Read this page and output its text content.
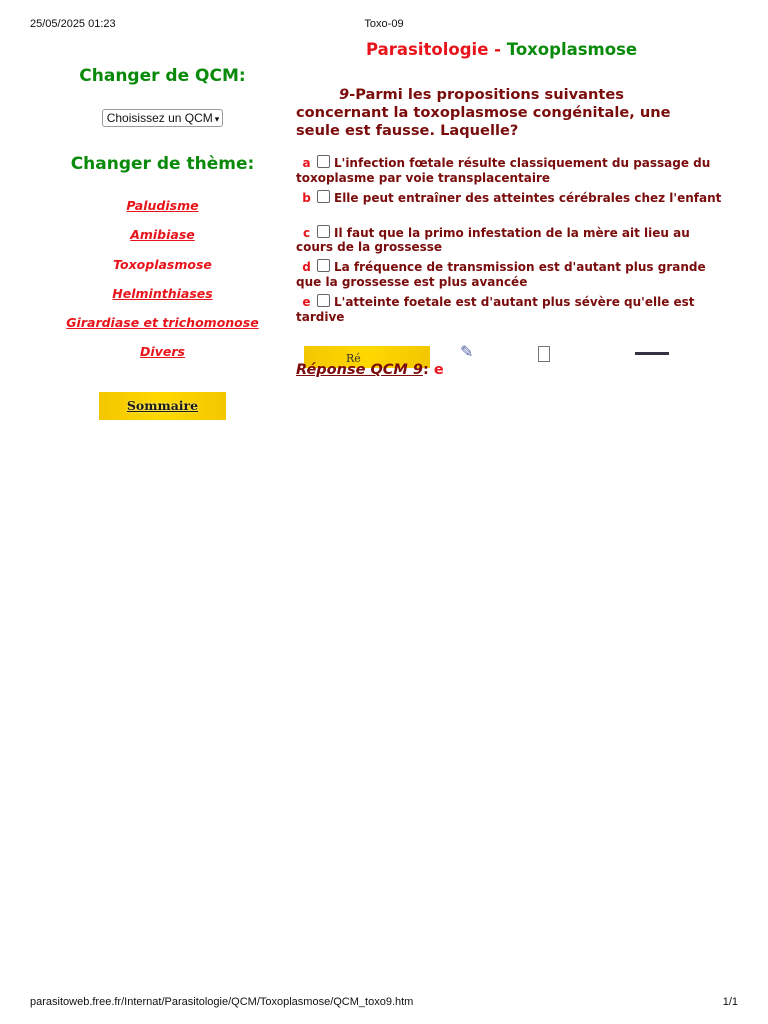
25/05/2025 01:23	Toxo-09
Changer de QCM:
Choisissez un QCM ▾
Changer de thème:
Paludisme
Amibiase
Toxoplasmose
Helminthiases
Girardiase et trichomonose
Divers
Sommaire
Parasitologie - Toxoplasmose
9-Parmi les propositions suivantes
concernant la toxoplasmose congénitale, une
seule est fausse. Laquelle?
a L'infection fœtale résulte classiquement du passage du toxoplasme par voie transplacentaire
b Elle peut entraîner des atteintes cérébrales chez l'enfant
c Il faut que la primo infestation de la mère ait lieu au cours de la grossesse
d La fréquence de transmission est d'autant plus grande que la grossesse est plus avancée
e L'atteinte foetale est d'autant plus sévère qu'elle est tardive
Ré	✎
Réponse QCM 9: e
parasitoweb.free.fr/Internat/Parasitologie/QCM/Toxoplasmose/QCM_toxo9.htm	1/1
